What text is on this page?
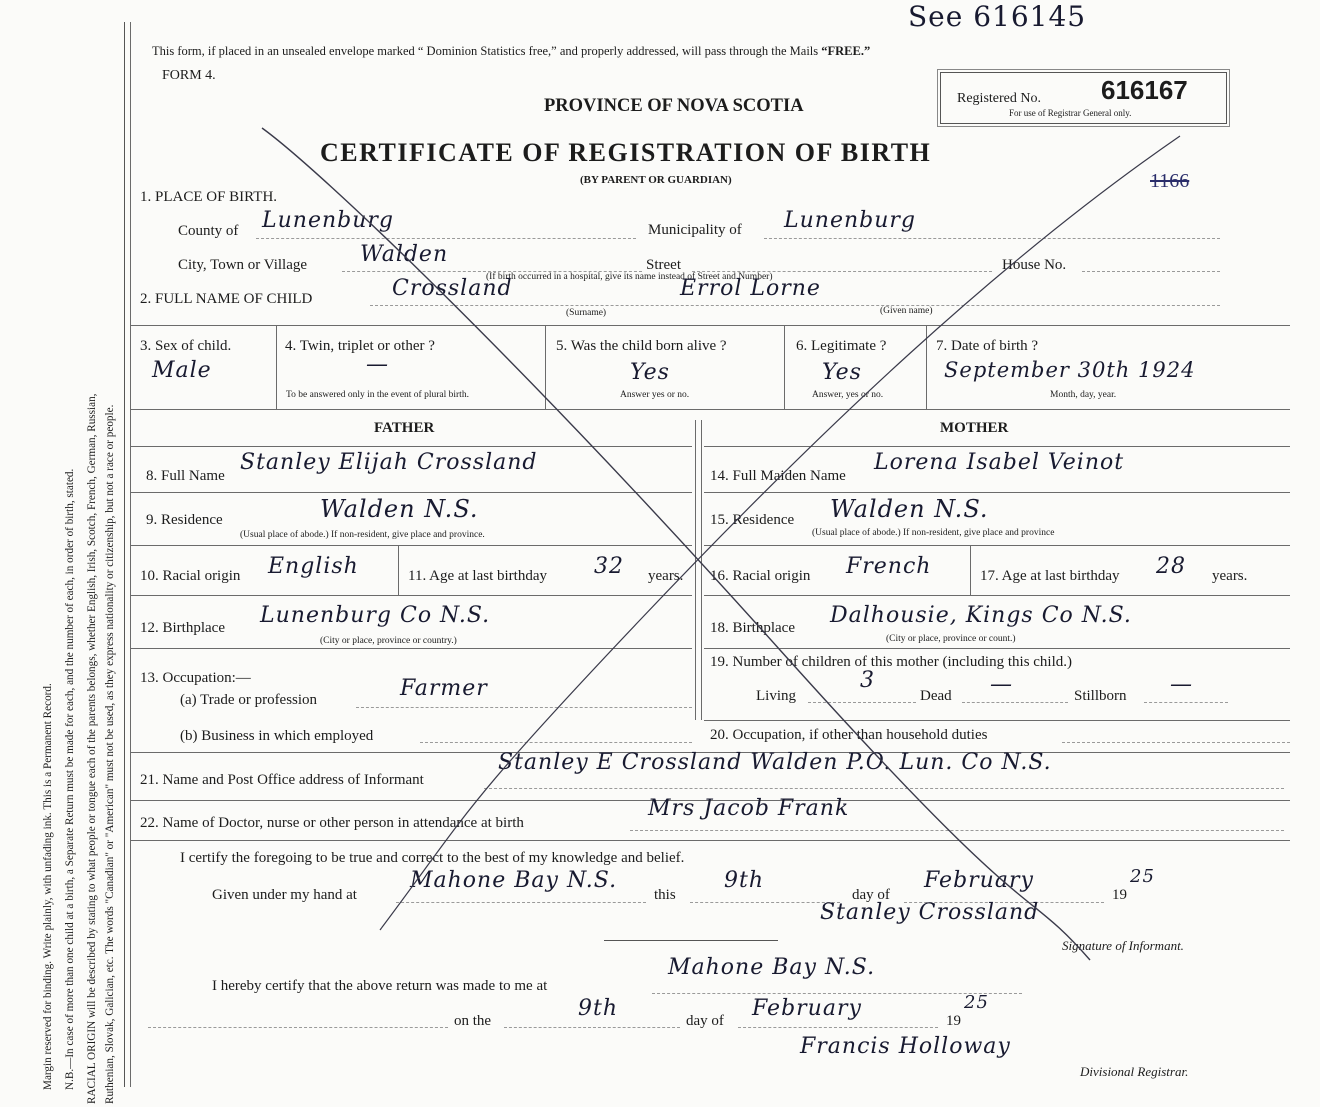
Margin reserved for binding. Write plainly, with unfading ink. This is a Permanent Record. N.B.—In case of more than one child at a birth, a Separate Return must be made for each, and the number of each, in order of birth, stated. RACIAL ORIGIN will be described by stating to what people or tongue each of the parents belongs, whether English, Irish, Scotch, French, German, Russian, Ruthenian, Slovak, Galician, etc. The words "Canadian" or "American" must not be used, as they express nationality or citizenship, but not a race or people.
See 616145
This form, if placed in an unsealed envelope marked “ Dominion Statistics free,” and properly addressed, will pass through the Mails “FREE.”
FORM 4.
Registered No. 616167
For use of Registrar General only.
PROVINCE OF NOVA SCOTIA
CERTIFICATE OF REGISTRATION OF BIRTH
(BY PARENT OR GUARDIAN)	1166
1. PLACE OF BIRTH.
County of Lunenburg	Municipality of Lunenburg
City, Town or Village Walden	Street
(If birth occurred in a hospital, give its name instead of Street and Number)
House No.
2. FULL NAME OF CHILD	Crossland	Errol Lorne
(Surname)	(Given name)
3. Sex of child.
Male
4. Twin, triplet or other ?
—
To be answered only in the event of plural birth.
5. Was the child born alive ?
Yes
Answer yes or no.
6. Legitimate ?
Yes
Answer, yes or no.
7. Date of birth ?
September 30th 1924
Month, day, year.
FATHER	MOTHER
8. Full Name
Stanley Elijah Crossland
9. Residence	Walden N.S.
(Usual place of abode.) If non-resident, give place and province.
10. Racial origin English	11. Age at last birthday 32 years.
12. Birthplace Lunenburg Co N.S.
(City or place, province or country.)
13. Occupation:—
(a) Trade or profession	Farmer
(b) Business in which employed
14. Full Maiden Name
Lorena Isabel Veinot
15. Residence Walden N.S.
(Usual place of abode.) If non-resident, give place and province
16. Racial origin French	17. Age at last birthday 28 years.
18. Birthplace Dalhousie, Kings Co N.S.
(City or place, province or count.)
19. Number of children of this mother (including this child.)
Living
3
Dead —	Stillborn —
20. Occupation, if other than household duties
21. Name and Post Office address of Informant
Stanley E Crossland Walden P.O. Lun. Co N.S.
22. Name of Doctor, nurse or other person in attendance at birth
Mrs Jacob Frank
I certify the foregoing to be true and correct to the best of my knowledge and belief.
Given under my hand at
Mahone Bay N.S.
this
9th
day of
February
19
25
Stanley Crossland
Signature of Informant.
I hereby certify that the above return was made to me at
Mahone Bay N.S.
on the	9th	day of February	19
25
Francis Holloway
Divisional Registrar.
